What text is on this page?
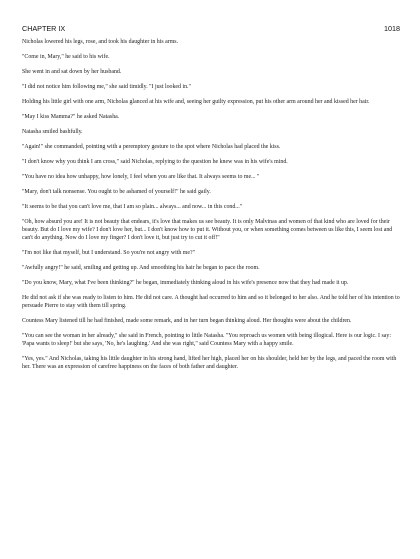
CHAPTER IX	1018

Nicholas lowered his legs, rose, and took his daughter in his arms.

"Come in, Mary," he said to his wife.

She went in and sat down by her husband.

"I did not notice him following me," she said timidly. "I just looked in."

Holding his little girl with one arm, Nicholas glanced at his wife and, seeing her guilty expression, put his other arm around her and kissed her hair.

"May I kiss Mamma?" he asked Natasha.

Natasha smiled bashfully.

"Again!" she commanded, pointing with a peremptory gesture to the spot where Nicholas had placed the kiss.

"I don't know why you think I am cross," said Nicholas, replying to the question he knew was in his wife's mind.

"You have no idea how unhappy, how lonely, I feel when you are like that. It always seems to me... "

"Mary, don't talk nonsense. You ought to be ashamed of yourself!" he said gaily.

"It seems to be that you can't love me, that I am so plain... always... and now... in this cond..."

"Oh, how absurd you are! It is not beauty that endears, it's love that makes us see beauty. It is only Malvinas and women of that kind who are loved for their beauty. But do I love my wife? I don't love her, but... I don't know how to put it. Without you, or when something comes between us like this, I seem lost and can't do anything. Now do I love my finger? I don't love it, but just try to cut it off!"

"I'm not like that myself, but I understand. So you're not angry with me?"

"Awfully angry!" he said, smiling and getting up. And smoothing his hair he began to pace the room.

"Do you know, Mary, what I've been thinking?" he began, immediately thinking aloud in his wife's presence now that they had made it up.

He did not ask if she was ready to listen to him. He did not care. A thought had occurred to him and so it belonged to her also. And he told her of his intention to persuade Pierre to stay with them till spring.

Countess Mary listened till he had finished, made some remark, and in her turn began thinking aloud. Her thoughts were about the children.

"You can see the woman in her already," she said in French, pointing to little Natasha. "You reproach us women with being illogical. Here is our logic. I say: 'Papa wants to sleep!' but she says, 'No, he's laughing.' And she was right," said Countess Mary with a happy smile.

"Yes, yes." And Nicholas, taking his little daughter in his strong hand, lifted her high, placed her on his shoulder, held her by the legs, and paced the room with her. There was an expression of carefree happiness on the faces of both father and daughter.
